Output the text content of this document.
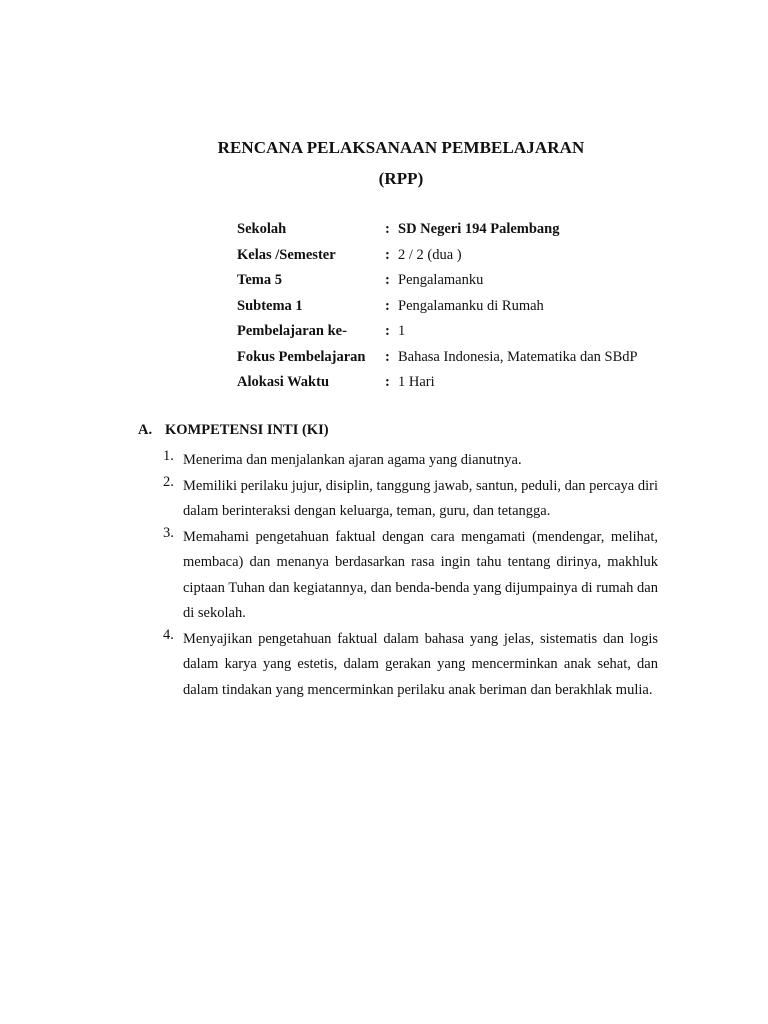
RENCANA PELAKSANAAN PEMBELAJARAN
(RPP)
Sekolah	: SD Negeri 194 Palembang
Kelas /Semester	: 2 / 2 (dua )
Tema 5	: Pengalamanku
Subtema 1	: Pengalamanku di Rumah
Pembelajaran ke-	: 1
Fokus Pembelajaran : Bahasa Indonesia, Matematika dan SBdP
Alokasi Waktu	: 1 Hari
A. KOMPETENSI INTI (KI)
1. Menerima dan menjalankan ajaran agama yang dianutnya.
2. Memiliki perilaku jujur, disiplin, tanggung jawab, santun, peduli, dan percaya diri dalam berinteraksi dengan keluarga, teman, guru, dan tetangga.
3. Memahami pengetahuan faktual dengan cara mengamati (mendengar, melihat, membaca) dan menanya berdasarkan rasa ingin tahu tentang dirinya, makhluk ciptaan Tuhan dan kegiatannya, dan benda-benda yang dijumpainya di rumah dan di sekolah.
4. Menyajikan pengetahuan faktual dalam bahasa yang jelas, sistematis dan logis dalam karya yang estetis, dalam gerakan yang mencerminkan anak sehat, dan dalam tindakan yang mencerminkan perilaku anak beriman dan berakhlak mulia.
